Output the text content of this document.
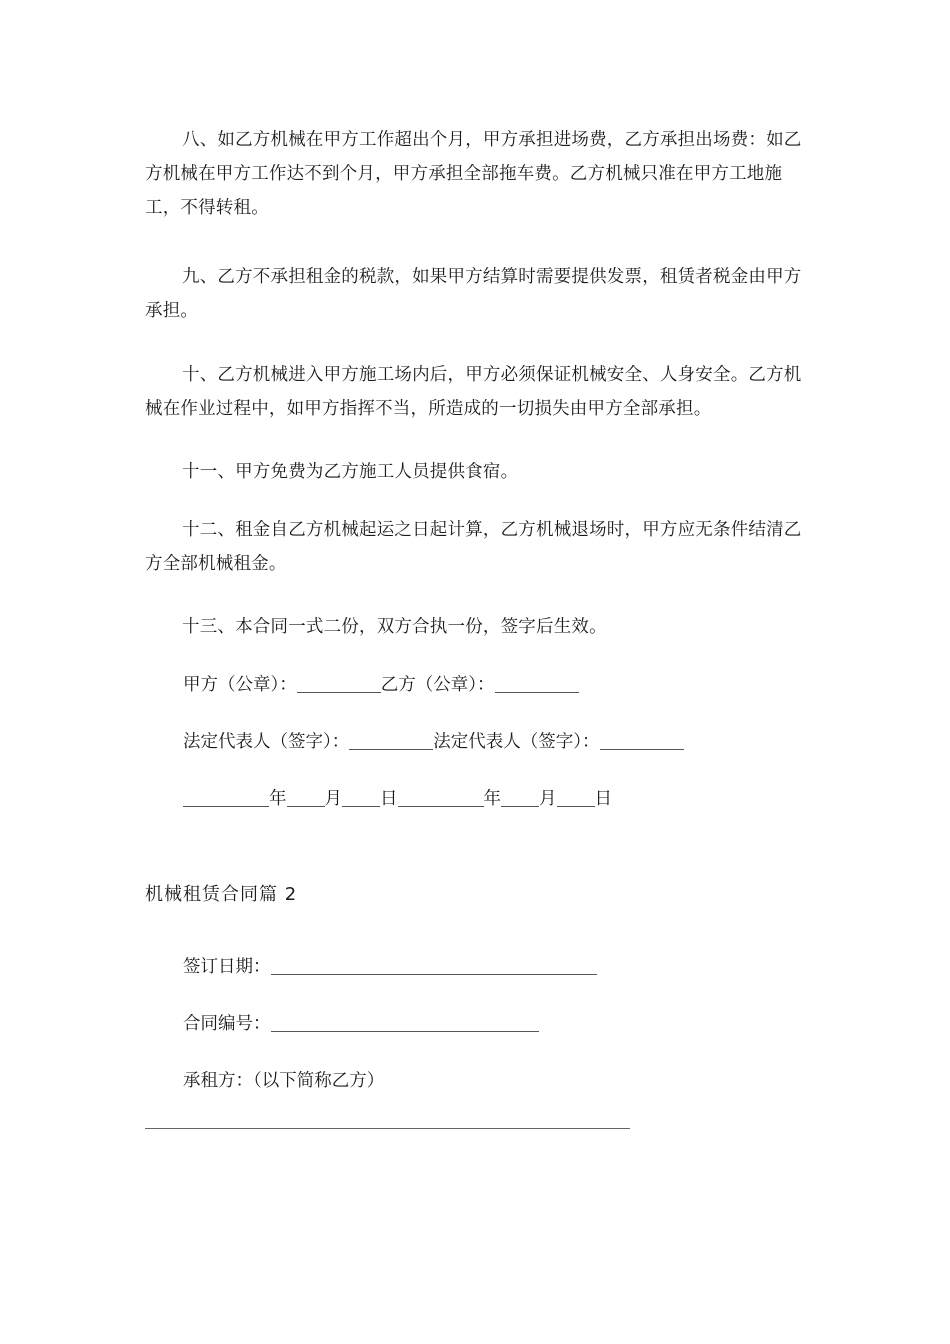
八、如乙方机械在甲方工作超出个月，甲方承担进场费，乙方承担出场费：如乙方机械在甲方工作达不到个月，甲方承担全部拖车费。乙方机械只准在甲方工地施工，不得转租。

九、乙方不承担租金的税款，如果甲方结算时需要提供发票，租赁者税金由甲方承担。

十、乙方机械进入甲方施工场内后，甲方必须保证机械安全、人身安全。乙方机械在作业过程中，如甲方指挥不当，所造成的一切损失由甲方全部承担。

十一、甲方免费为乙方施工人员提供食宿。

十二、租金自乙方机械起运之日起计算，乙方机械退场时，甲方应无条件结清乙方全部机械租金。

十三、本合同一式二份，双方合执一份，签字后生效。

甲方（公章）：	乙方（公章）：

法定代表人（签字）：	法定代表人（签字）：

年 月 日	年 月 日

机械租赁合同篇 2

签订日期：

合同编号：

承租方：（以下简称乙方）
